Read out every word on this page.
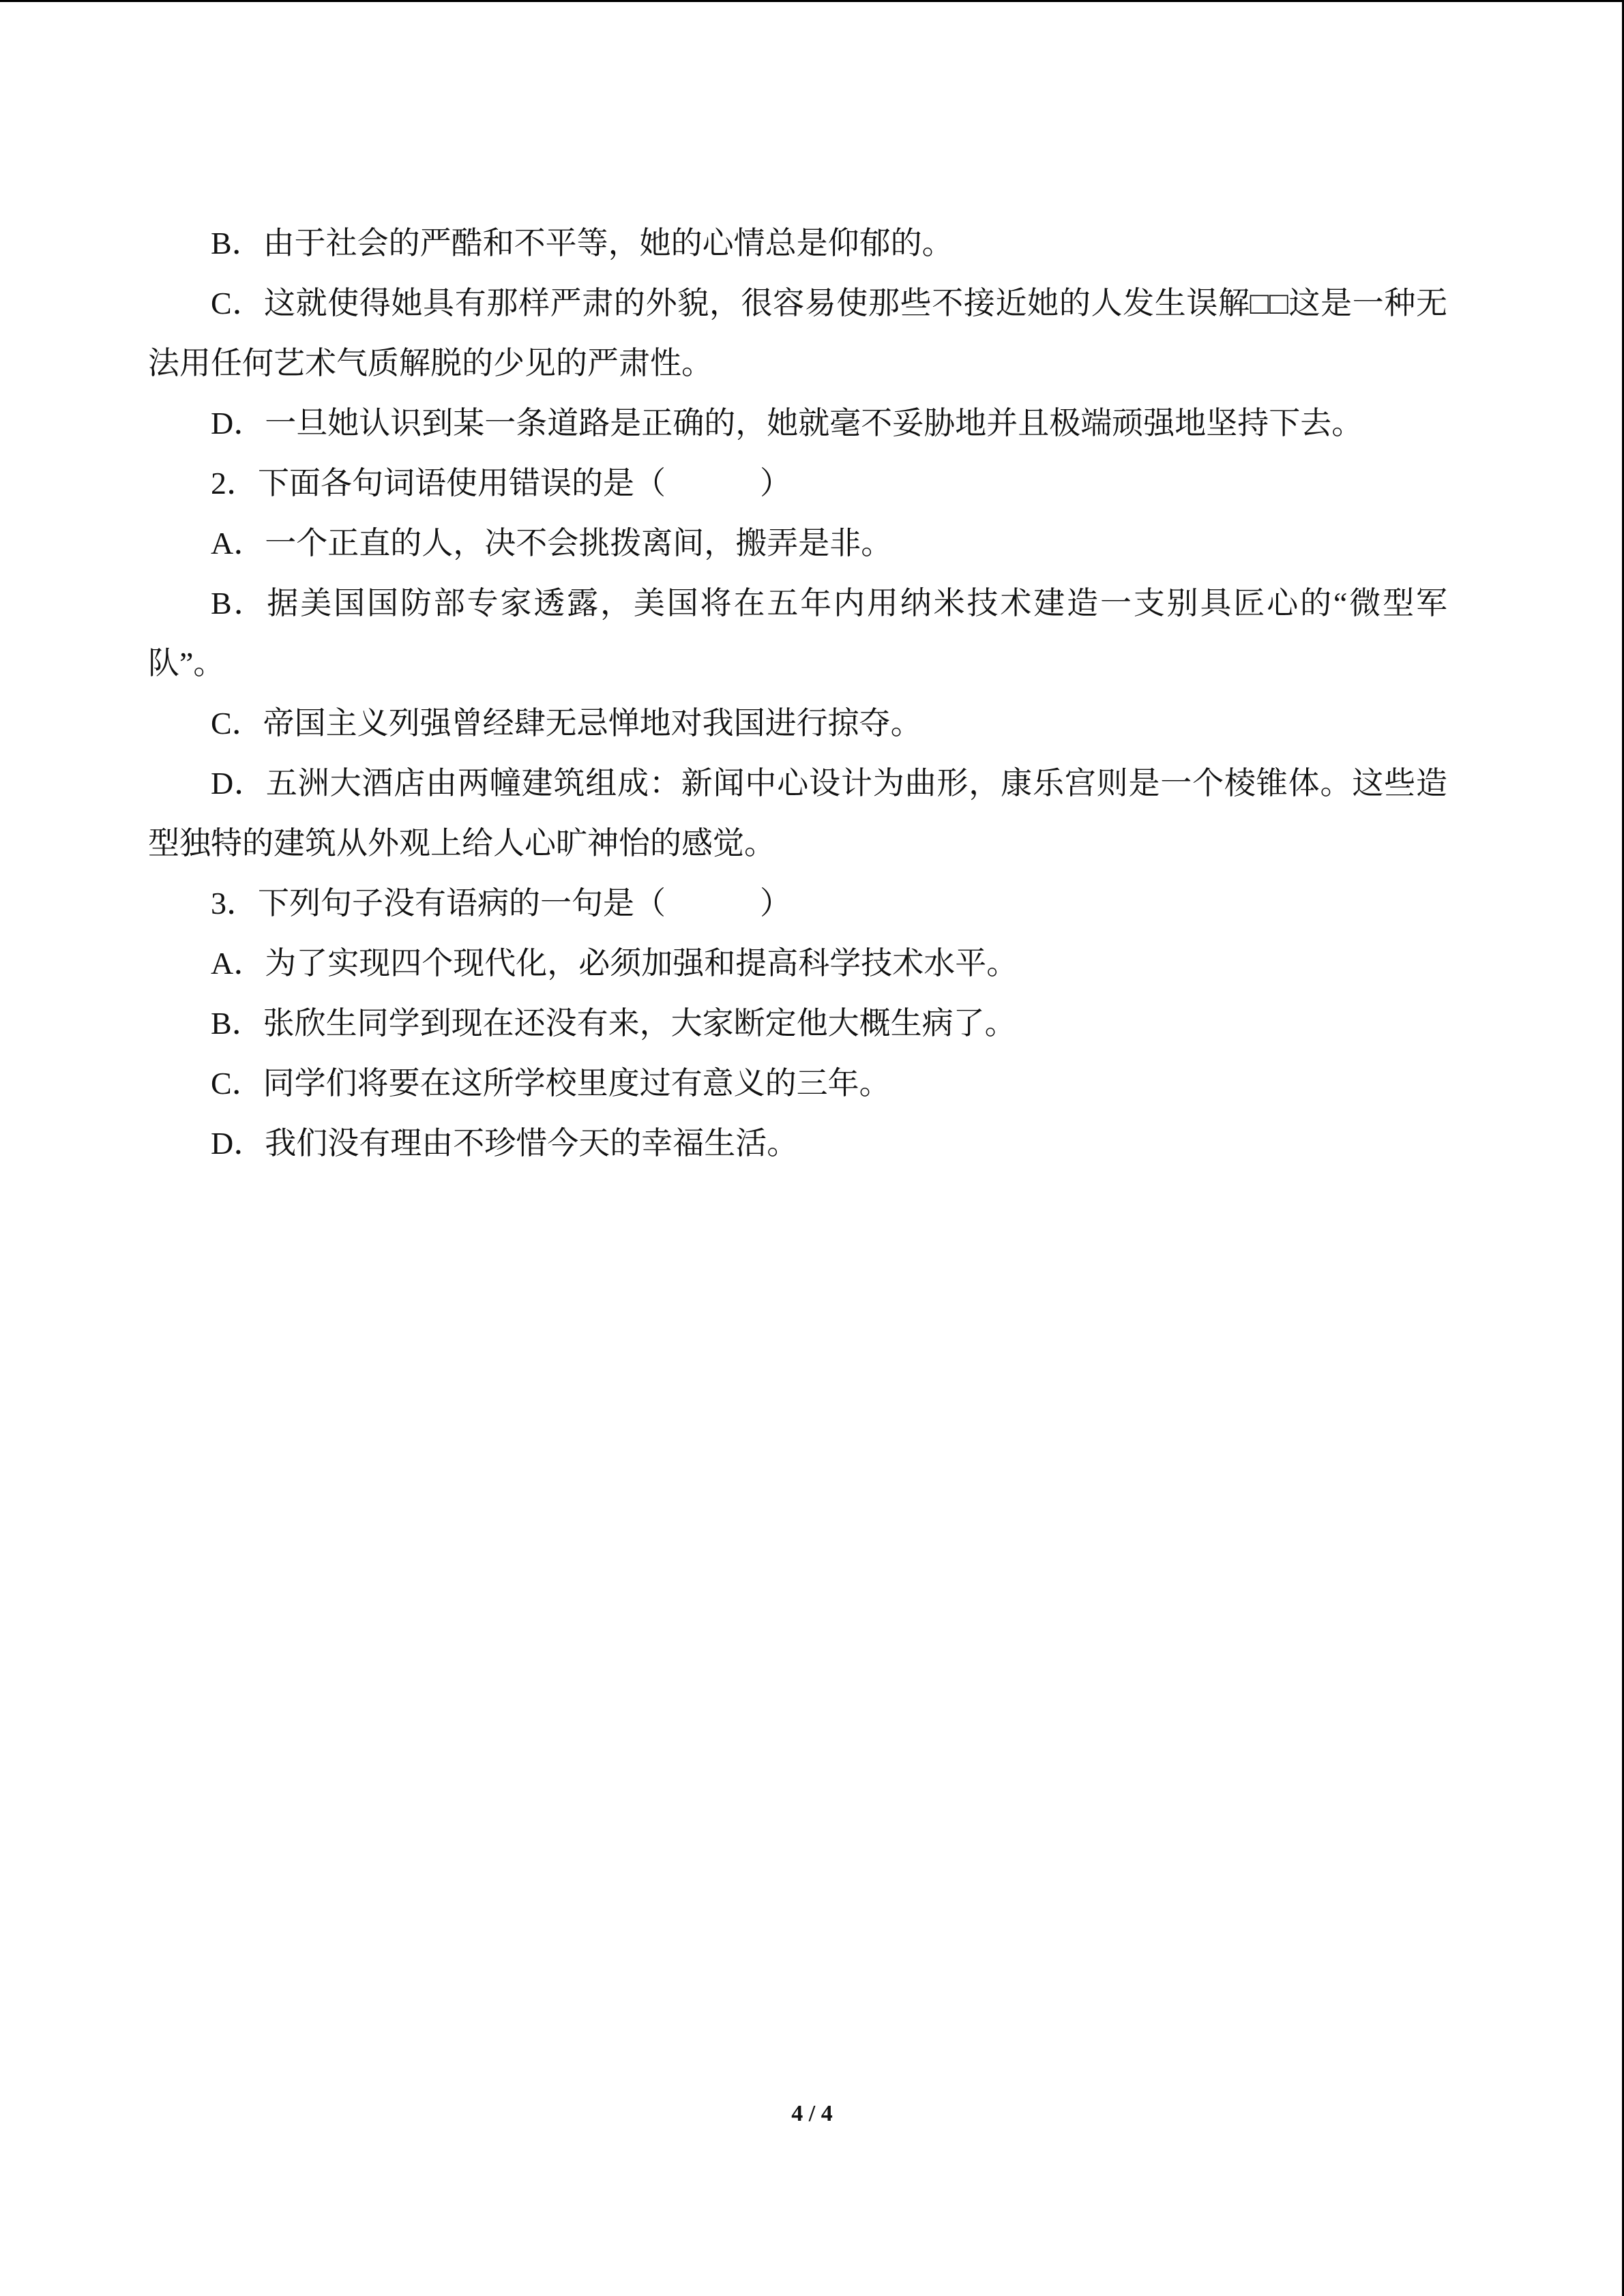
B．由于社会的严酷和不平等，她的心情总是仰郁的。

C．这就使得她具有那样严肃的外貌，很容易使那些不接近她的人发生误解□□这是一种无法用任何艺术气质解脱的少见的严肃性。

D．一旦她认识到某一条道路是正确的，她就毫不妥胁地并且极端顽强地坚持下去。

2．下面各句词语使用错误的是（　　　）

A．一个正直的人，决不会挑拨离间，搬弄是非。

B．据美国国防部专家透露，美国将在五年内用纳米技术建造一支别具匠心的“微型军队”。

C．帝国主义列强曾经肆无忌惮地对我国进行掠夺。

D．五洲大酒店由两幢建筑组成：新闻中心设计为曲形，康乐宫则是一个棱锥体。这些造型独特的建筑从外观上给人心旷神怡的感觉。

3．下列句子没有语病的一句是（　　　）

A．为了实现四个现代化，必须加强和提高科学技术水平。

B．张欣生同学到现在还没有来，大家断定他大概生病了。

C．同学们将要在这所学校里度过有意义的三年。

D．我们没有理由不珍惜今天的幸福生活。

4 / 4
